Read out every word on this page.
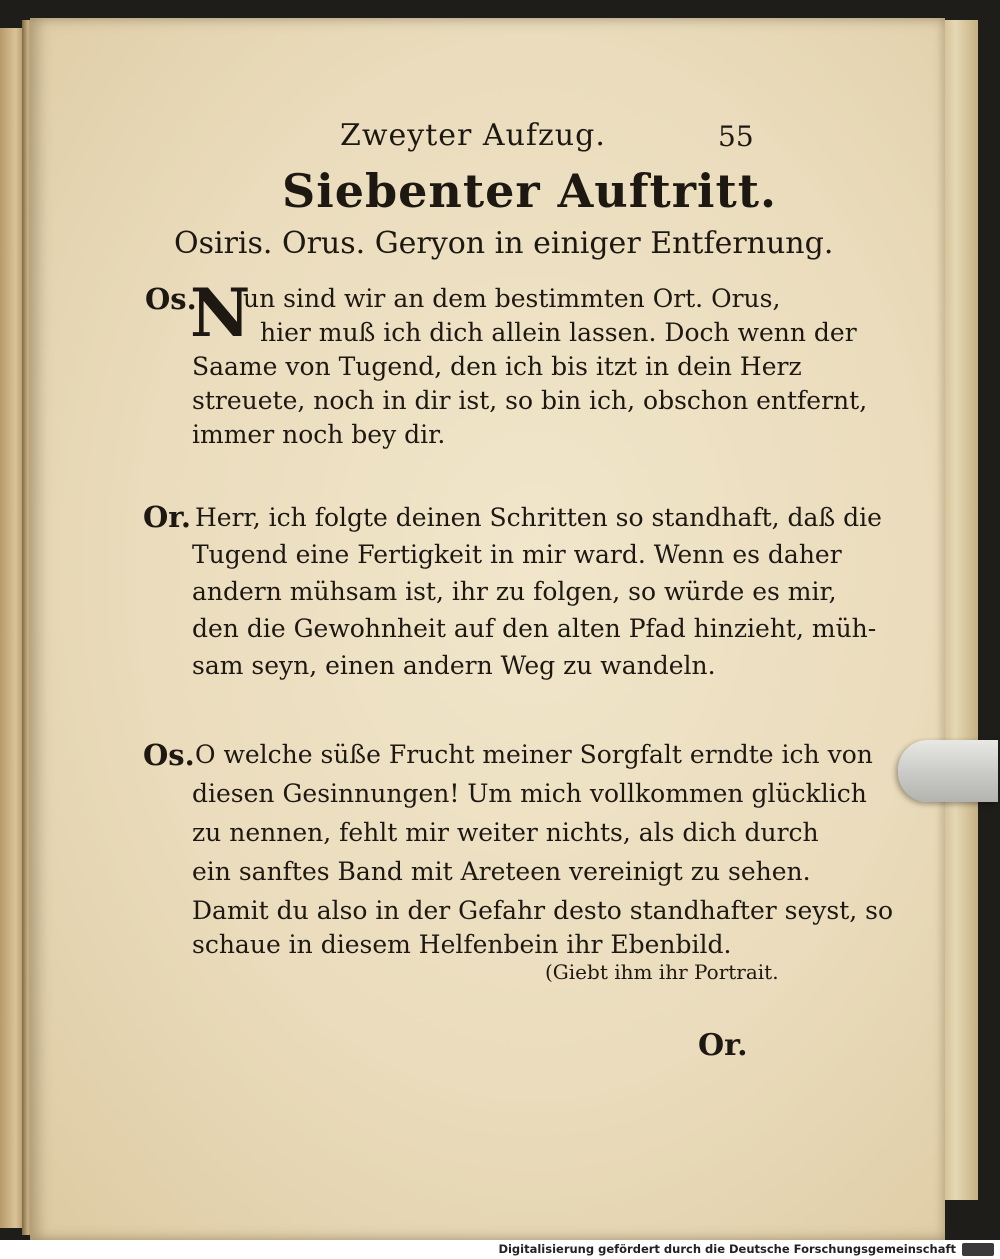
Zweyter Aufzug.	55
Siebenter Auftritt.
Osiris. Orus. Geryon in einiger Entfernung.
Os.
N
un sind wir an dem bestimmten Ort. Orus,
hier muß ich dich allein lassen. Doch wenn der
Saame von Tugend, den ich bis itzt in dein Herz
streuete, noch in dir ist, so bin ich, obschon entfernt,
immer noch bey dir.
Or. Herr, ich folgte deinen Schritten so standhaft, daß die
Tugend eine Fertigkeit in mir ward. Wenn es daher
andern mühsam ist, ihr zu folgen, so würde es mir,
den die Gewohnheit auf den alten Pfad hinzieht, müh-
sam seyn, einen andern Weg zu wandeln.
Os. O welche süße Frucht meiner Sorgfalt erndte ich von
diesen Gesinnungen! Um mich vollkommen glücklich
zu nennen, fehlt mir weiter nichts, als dich durch
ein sanftes Band mit Areteen vereinigt zu sehen.
Damit du also in der Gefahr desto standhafter seyst, so
schaue in diesem Helfenbein ihr Ebenbild.
(Giebt ihm ihr Portrait.
Or.
Digitalisierung gefördert durch die Deutsche Forschungsgemeinschaft
